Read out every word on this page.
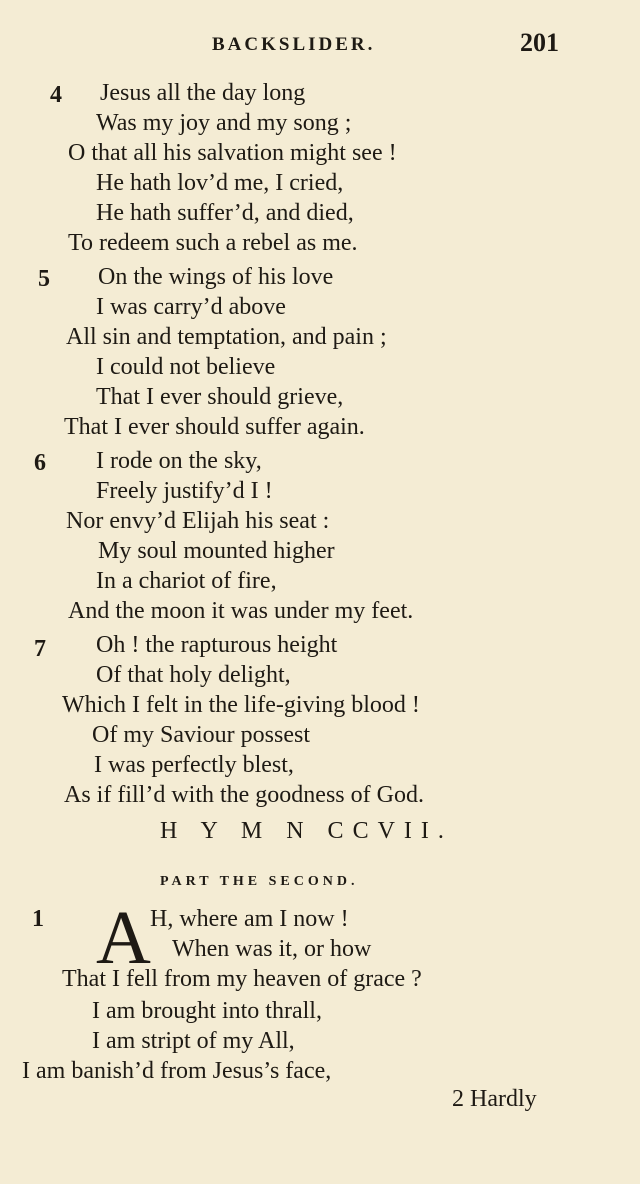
BACKSLIDER.	201
4 Jesus all the day long
Was my joy and my song ;
O that all his salvation might see !
He hath lov’d me, I cried,
He hath suffer’d, and died,
To redeem such a rebel as me.
5 On the wings of his love
I was carry’d above
All sin and temptation, and pain ;
I could not believe
That I ever should grieve,
That I ever should suffer again.
6 I rode on the sky,
Freely justify’d I !
Nor envy’d Elijah his seat :
My soul mounted higher
In a chariot of fire,
And the moon it was under my feet.
7 Oh ! the rapturous height
Of that holy delight,
Which I felt in the life-giving blood !
Of my Saviour possest
I was perfectly blest,
As if fill’d with the goodness of God.
H Y M N CCVII.
PART THE SECOND.
1 A H, where am I now !
When was it, or how
That I fell from my heaven of grace ?
I am brought into thrall,
I am stript of my All,
I am banish’d from Jesus’s face,
2 Hardly
